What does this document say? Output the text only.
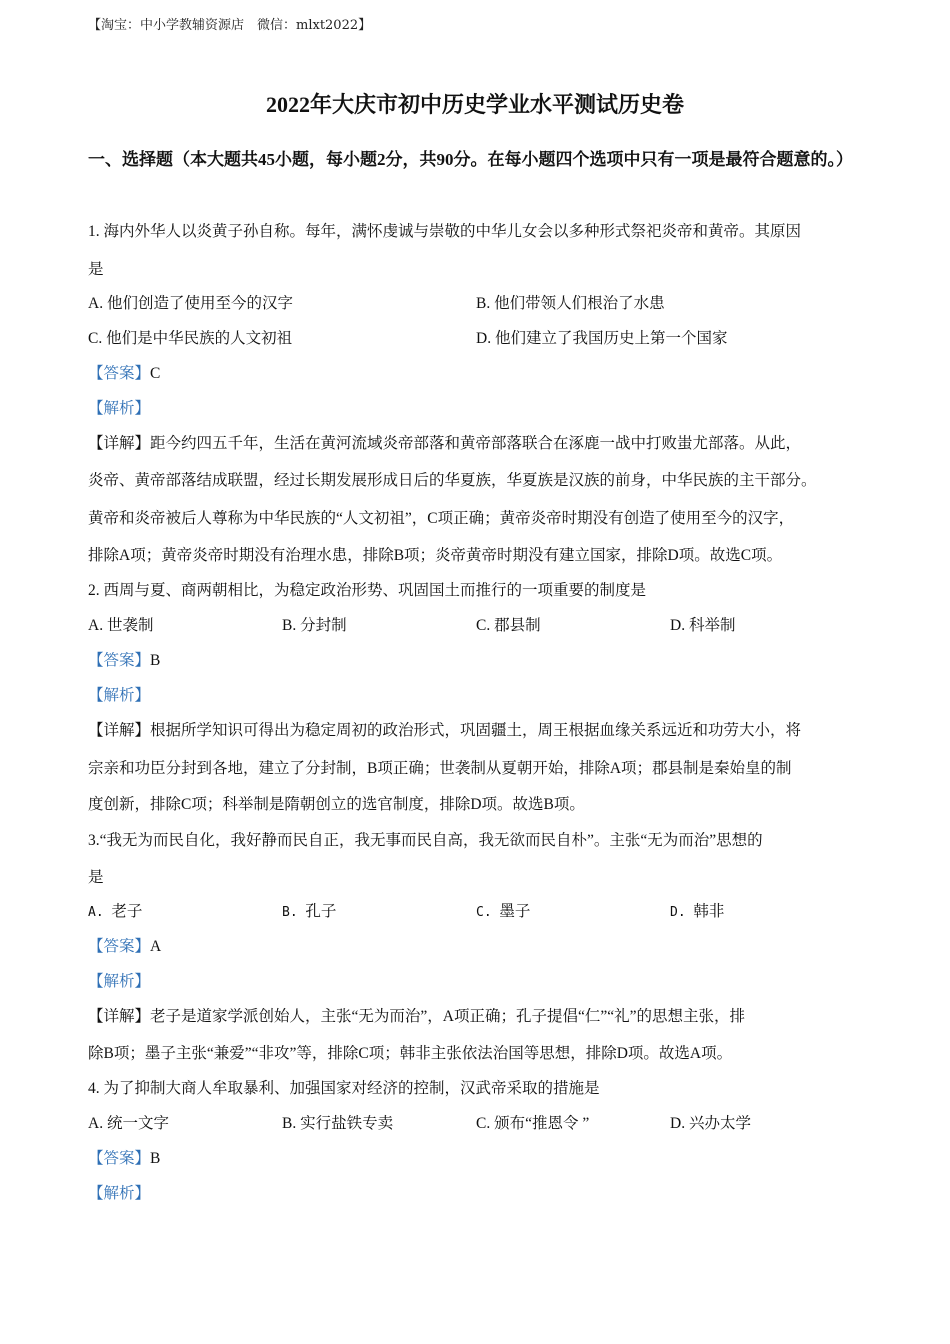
【淘宝：中小学教辅资源店　微信：mlxt2022】
2022年大庆市初中历史学业水平测试历史卷
一、选择题（本大题共45小题，每小题2分，共90分。在每小题四个选项中只有一项是最符合题意的。）
1. 海内外华人以炎黄子孙自称。每年，满怀虔诚与崇敬的中华儿女会以多种形式祭祀炎帝和黄帝。其原因
是
A. 他们创造了使用至今的汉字	B. 他们带领人们根治了水患
C. 他们是中华民族的人文初祖	D. 他们建立了我国历史上第一个国家
【答案】C
【解析】
【详解】距今约四五千年，生活在黄河流域炎帝部落和黄帝部落联合在涿鹿一战中打败蚩尤部落。从此，
炎帝、黄帝部落结成联盟，经过长期发展形成日后的华夏族，华夏族是汉族的前身，中华民族的主干部分。
黄帝和炎帝被后人尊称为中华民族的“人文初祖”，C项正确；黄帝炎帝时期没有创造了使用至今的汉字，
排除A项；黄帝炎帝时期没有治理水患，排除B项；炎帝黄帝时期没有建立国家，排除D项。故选C项。
2. 西周与夏、商两朝相比，为稳定政治形势、巩固国土而推行的一项重要的制度是
A. 世袭制	B. 分封制	C. 郡县制	D. 科举制
【答案】B
【解析】
【详解】根据所学知识可得出为稳定周初的政治形式，巩固疆土，周王根据血缘关系远近和功劳大小，将
宗亲和功臣分封到各地，建立了分封制，B项正确；世袭制从夏朝开始，排除A项；郡县制是秦始皇的制
度创新，排除C项；科举制是隋朝创立的选官制度，排除D项。故选B项。
3.“我无为而民自化，我好静而民自正，我无事而民自高，我无欲而民自朴”。主张“无为而治”思想的
是
A. 老子	B. 孔子	C. 墨子	D. 韩非
【答案】A
【解析】
【详解】老子是道家学派创始人，主张“无为而治”，A项正确；孔子提倡“仁”“礼”的思想主张，排
除B项；墨子主张“兼爱”“非攻”等，排除C项；韩非主张依法治国等思想，排除D项。故选A项。
4. 为了抑制大商人牟取暴利、加强国家对经济的控制，汉武帝采取的措施是
A. 统一文字	B. 实行盐铁专卖	C. 颁布“推恩令 ”	D. 兴办太学
【答案】B
【解析】
